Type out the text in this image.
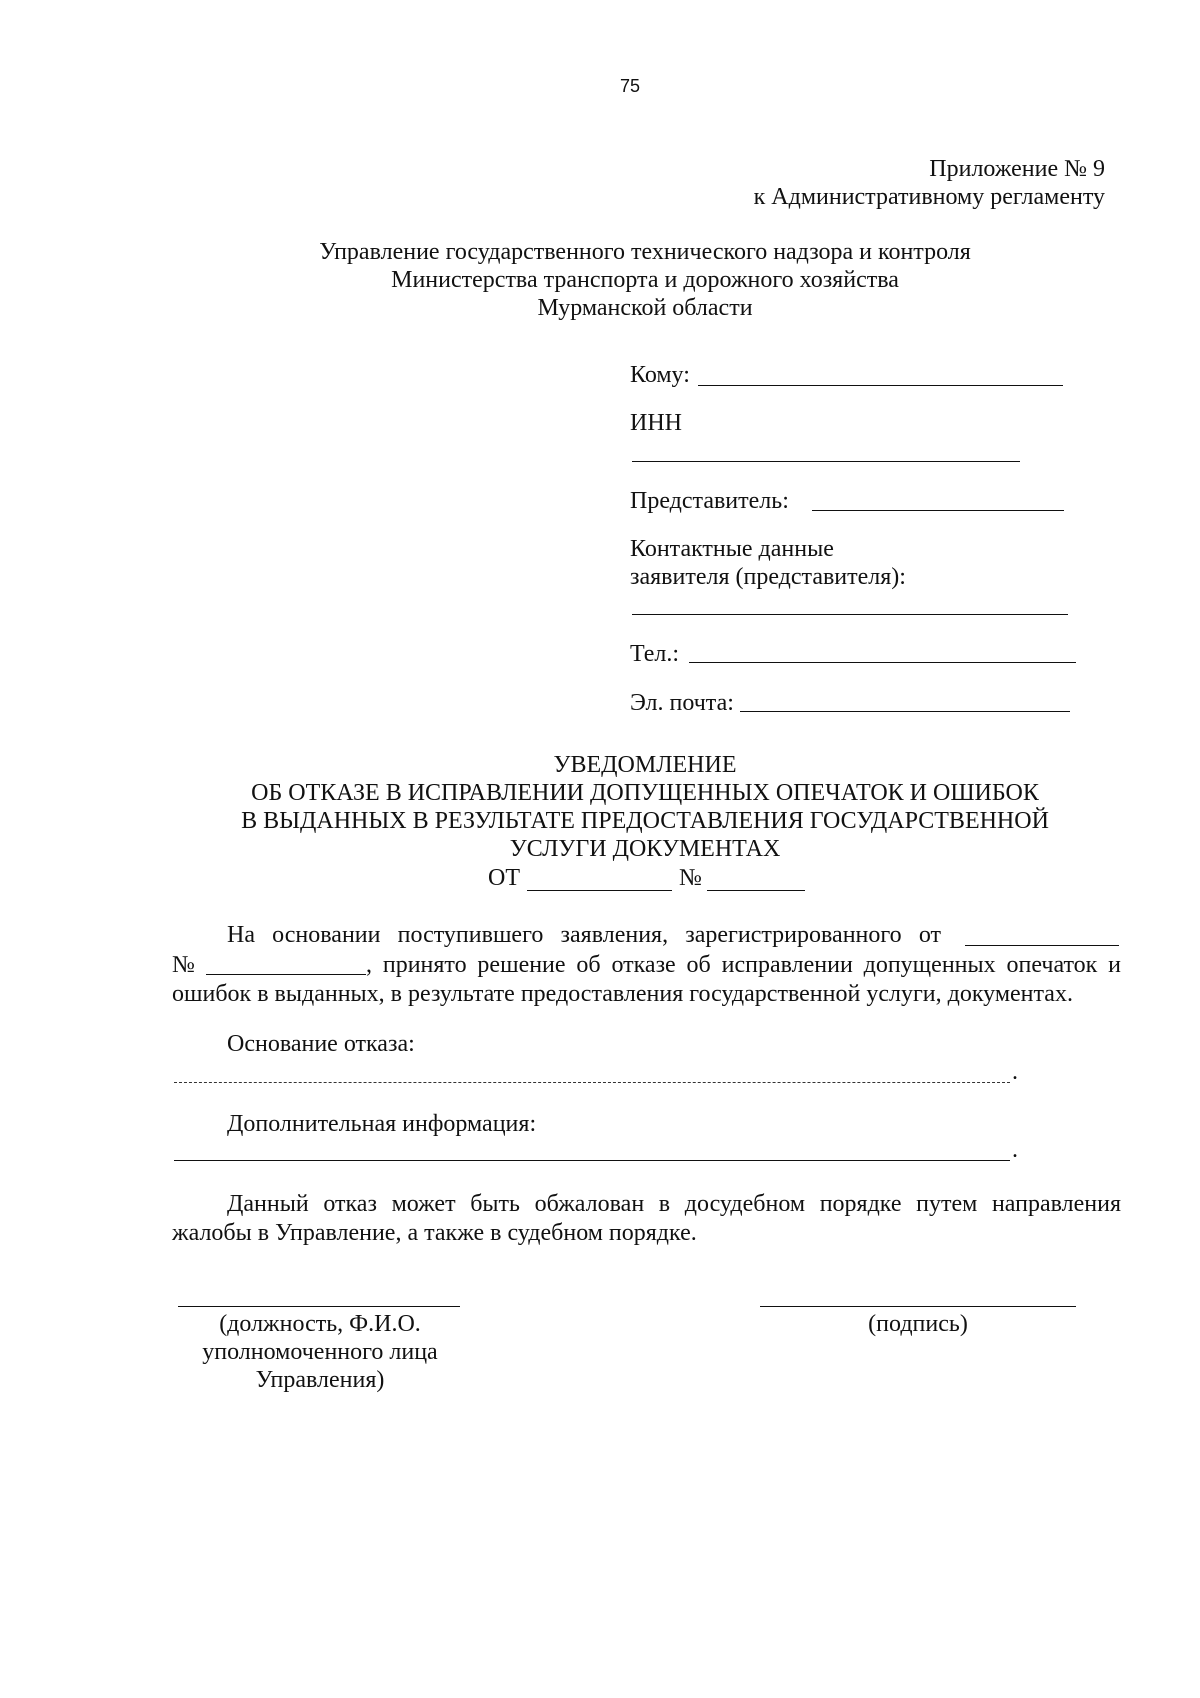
75
Приложение № 9
к Административному регламенту
Управление государственного технического надзора и контроля
Министерства транспорта и дорожного хозяйства
Мурманской области
Кому:
ИНН
Представитель:
Контактные данные
заявителя (представителя):
Тел.:
Эл. почта:
УВЕДОМЛЕНИЕ
ОБ ОТКАЗЕ В ИСПРАВЛЕНИИ ДОПУЩЕННЫХ ОПЕЧАТОК И ОШИБОК
В ВЫДАННЫХ В РЕЗУЛЬТАТЕ ПРЕДОСТАВЛЕНИЯ ГОСУДАРСТВЕННОЙ
УСЛУГИ ДОКУМЕНТАХ
ОТ	№
На основании поступившего заявления, зарегистрированного от
№	, принято решение об отказе об исправлении допущенных опечаток и
ошибок в выданных, в результате предоставления государственной услуги, документах.
Основание отказа:
.
Дополнительная информация:
.
Данный отказ может быть обжалован в досудебном порядке путем направления
жалобы в Управление, а также в судебном порядке.
(должность, Ф.И.О.
уполномоченного лица
Управления)
(подпись)
